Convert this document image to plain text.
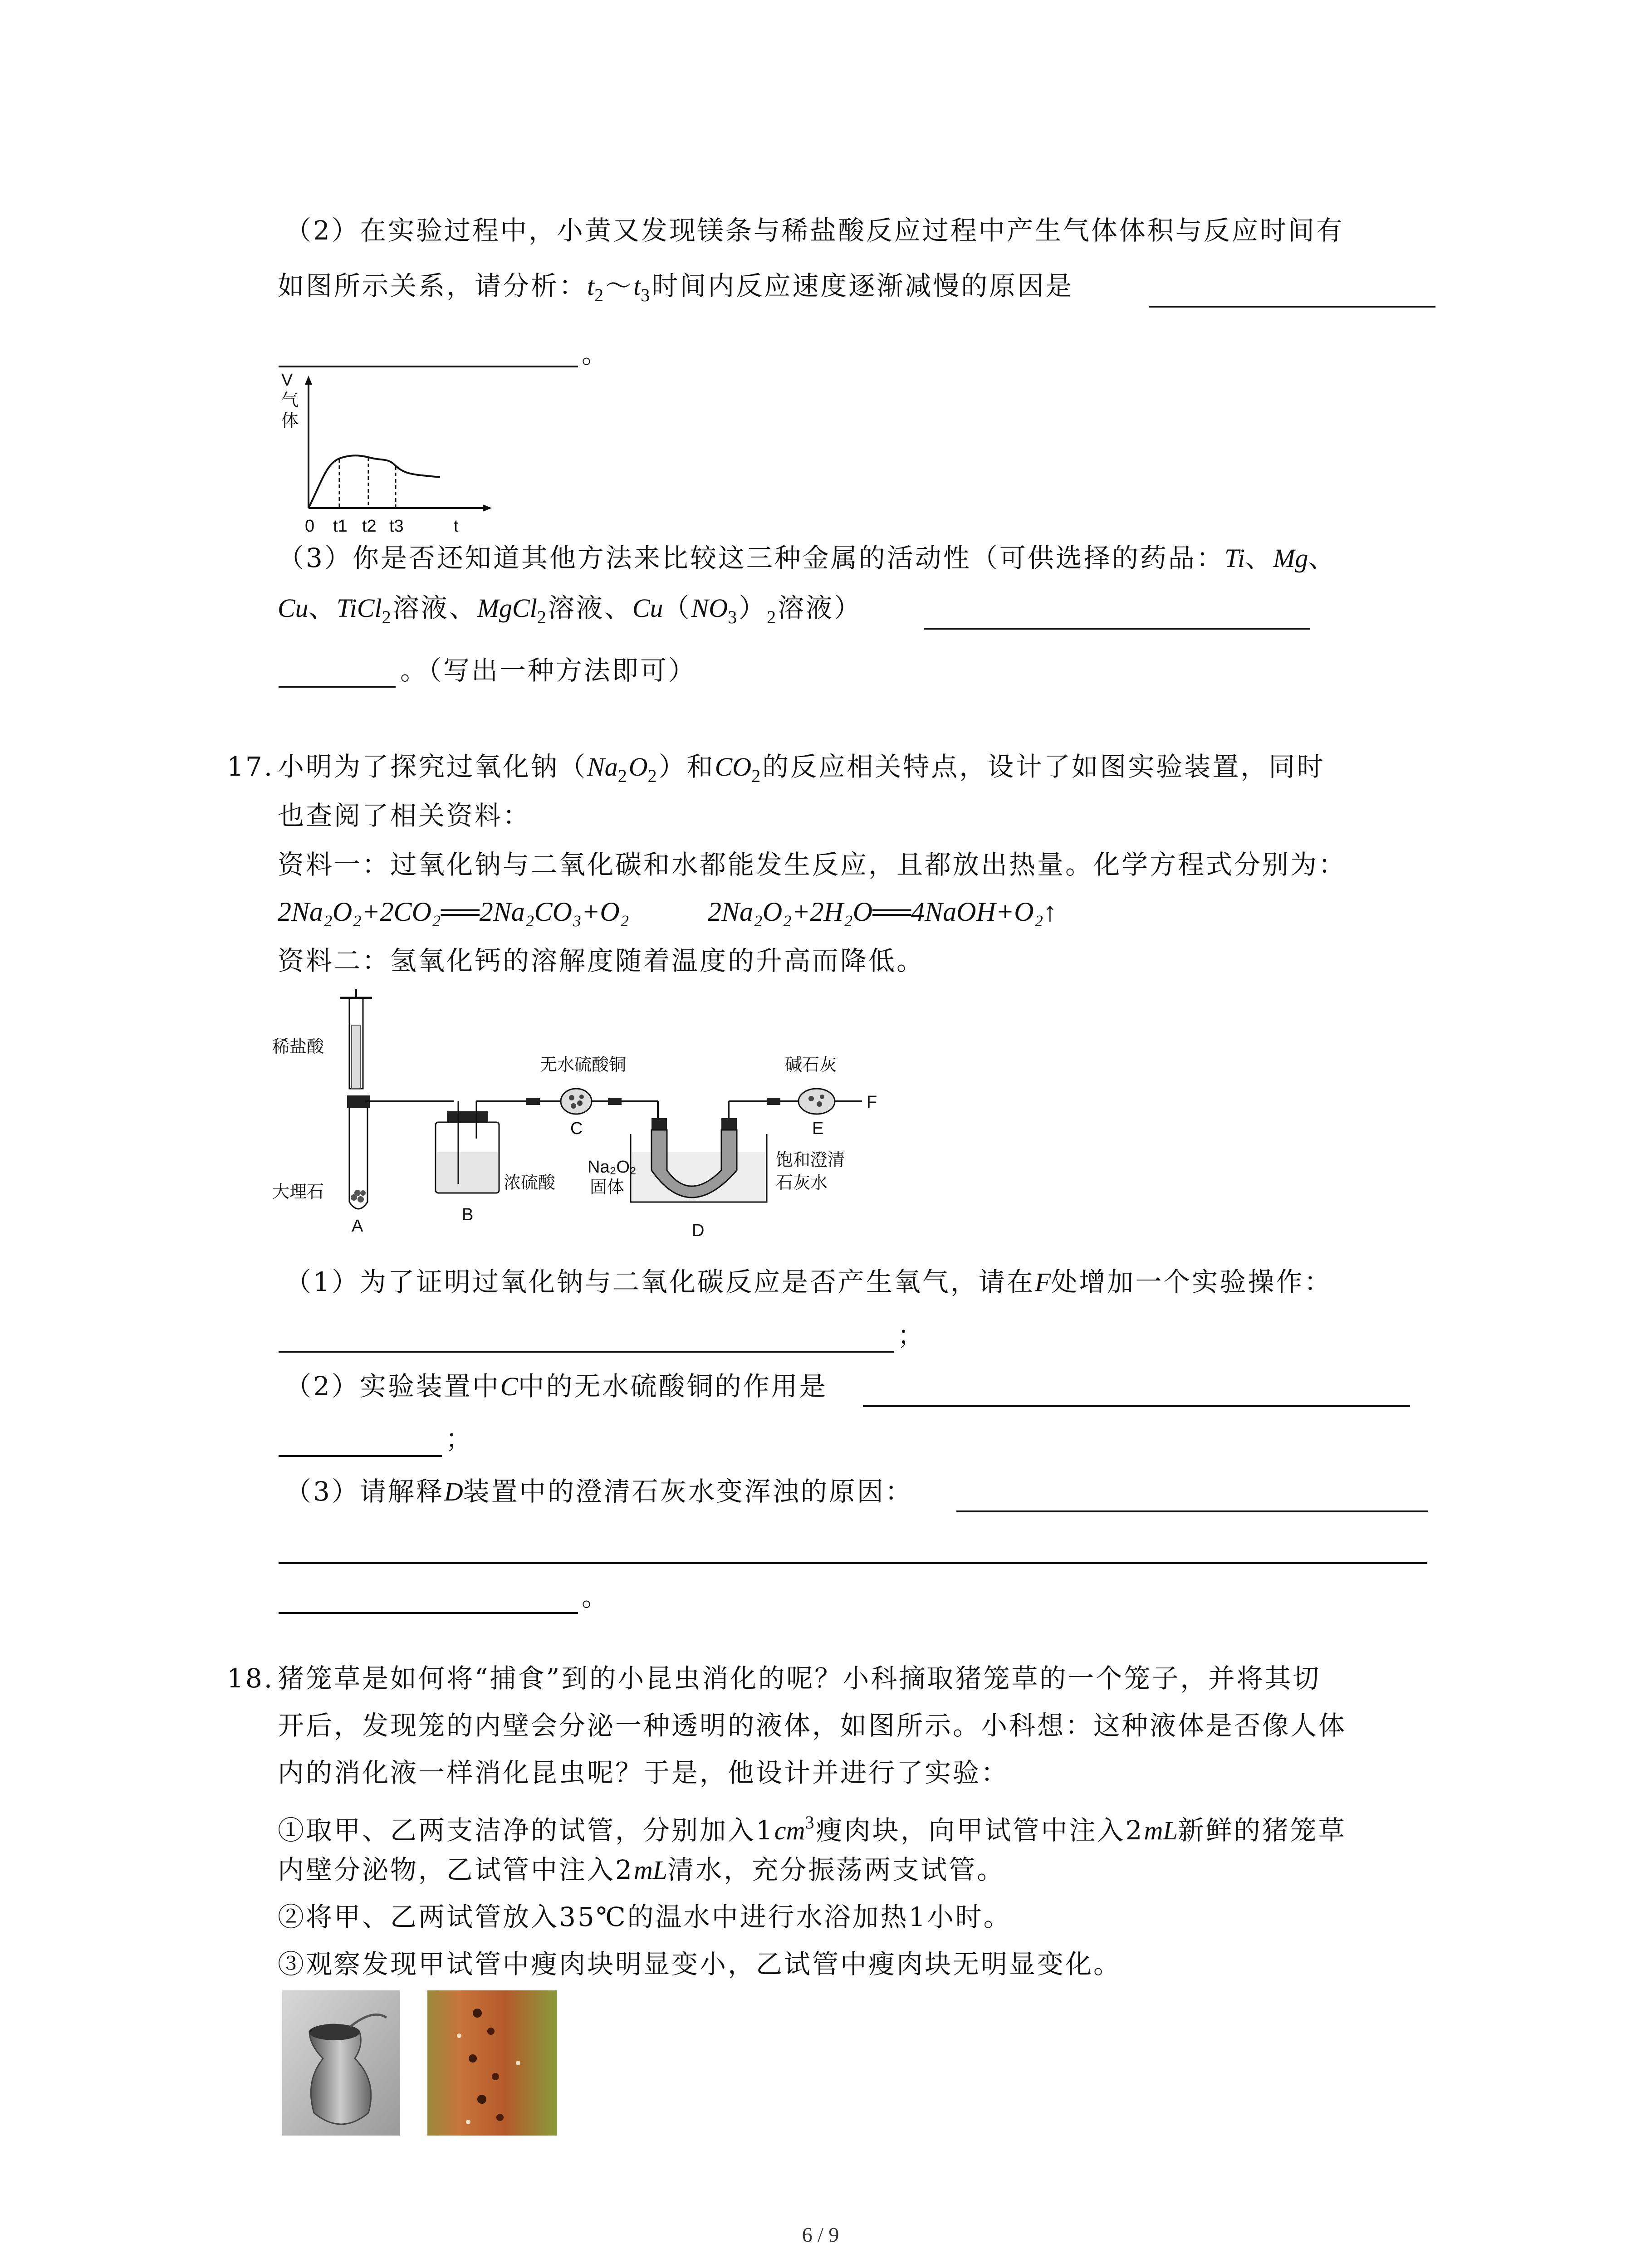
（2）在实验过程中，小黄又发现镁条与稀盐酸反应过程中产生气体体积与反应时间有
如图所示关系，请分析：$t_2\sim t_3$时间内反应速度逐渐减慢的原因是
。
V
气
体
0 t1 t2 t3	t
（3）你是否还知道其他方法来比较这三种金属的活动性（可供选择的药品：Ti、Mg、
Cu、TiCl$_2$溶液、MgCl$_2$溶液、$Cu(NO_3)_2$溶液）
。（写出一种方法即可）
17. 小明为了探究过氧化钠$(Na_2O_2)$和$CO_2$的反应相关特点，设计了如图实验装置，同时
也查阅了相关资料：
资料一：过氧化钠与二氧化碳和水都能发生反应，且都放出热量。化学方程式分别为：
2Na₂O₂+2CO₂══2Na₂CO₃+O₂	2Na₂O₂+2H₂O══4NaOH+O₂↑
资料二：氢氧化钙的溶解度随着温度的升高而降低。
稀盐酸
大理石
A
浓硫酸
B
无水硫酸铜
C
Na₂O₂
固体
D
饱和澄清
石灰水
碱石灰
E
F
（1）为了证明过氧化钠与二氧化碳反应是否产生氧气，请在F处增加一个实验操作：
；
（2）实验装置中C中的无水硫酸铜的作用是
；
（3）请解释D装置中的澄清石灰水变浑浊的原因：
。
18. 猪笼草是如何将“捕食”到的小昆虫消化的呢？小科摘取猪笼草的一个笼子，并将其切
开后，发现笼的内壁会分泌一种透明的液体，如图所示。小科想：这种液体是否像人体
内的消化液一样消化昆虫呢？于是，他设计并进行了实验：
①取甲、乙两支洁净的试管，分别加入$1cm^3$瘦肉块，向甲试管中注入2mL新鲜的猪笼草
内壁分泌物，乙试管中注入2mL清水，充分振荡两支试管。
②将甲、乙两试管放入35℃的温水中进行水浴加热1小时。
③观察发现甲试管中瘦肉块明显变小，乙试管中瘦肉块无明显变化。
6 / 9
